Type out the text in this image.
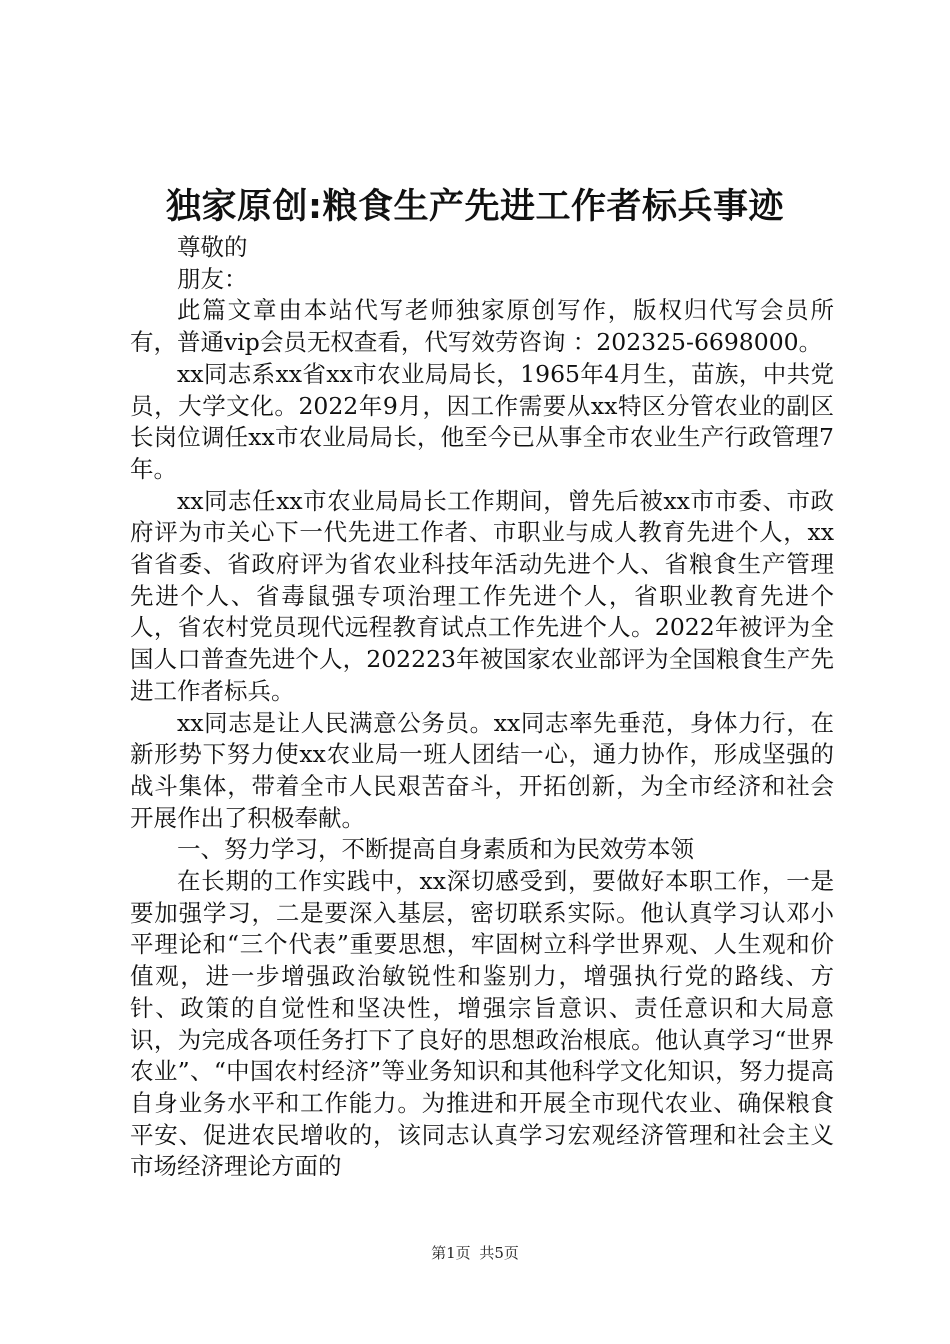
独家原创:粮食生产先进工作者标兵事迹

尊敬的

朋友：

此篇文章由本站代写老师独家原创写作，版权归代写会员所有，普通vip会员无权查看，代写效劳咨询 ：202325-6698000。

xx同志系xx省xx市农业局局长，1965年4月生，苗族，中共党员，大学文化。2022年9月，因工作需要从xx特区分管农业的副区长岗位调任xx市农业局局长，他至今已从事全市农业生产行政管理7年。

xx同志任xx市农业局局长工作期间，曾先后被xx市市委、市政府评为市关心下一代先进工作者、市职业与成人教育先进个人，xx省省委、省政府评为省农业科技年活动先进个人、省粮食生产管理先进个人、省毒鼠强专项治理工作先进个人，省职业教育先进个人，省农村党员现代远程教育试点工作先进个人。2022年被评为全国人口普查先进个人，202223年被国家农业部评为全国粮食生产先进工作者标兵。

xx同志是让人民满意公务员。xx同志率先垂范，身体力行，在新形势下努力使xx农业局一班人团结一心，通力协作，形成坚强的战斗集体，带着全市人民艰苦奋斗，开拓创新，为全市经济和社会开展作出了积极奉献。

一、努力学习，不断提高自身素质和为民效劳本领

在长期的工作实践中，xx深切感受到，要做好本职工作，一是要加强学习，二是要深入基层，密切联系实际。他认真学习认邓小平理论和“三个代表”重要思想，牢固树立科学世界观、人生观和价值观，进一步增强政治敏锐性和鉴别力，增强执行党的路线、方针、政策的自觉性和坚决性，增强宗旨意识、责任意识和大局意识，为完成各项任务打下了良好的思想政治根底。他认真学习“世界农业”、“中国农村经济”等业务知识和其他科学文化知识，努力提高自身业务水平和工作能力。为推进和开展全市现代农业、确保粮食平安、促进农民增收的，该同志认真学习宏观经济管理和社会主义市场经济理论方面的

第1页 共5页
